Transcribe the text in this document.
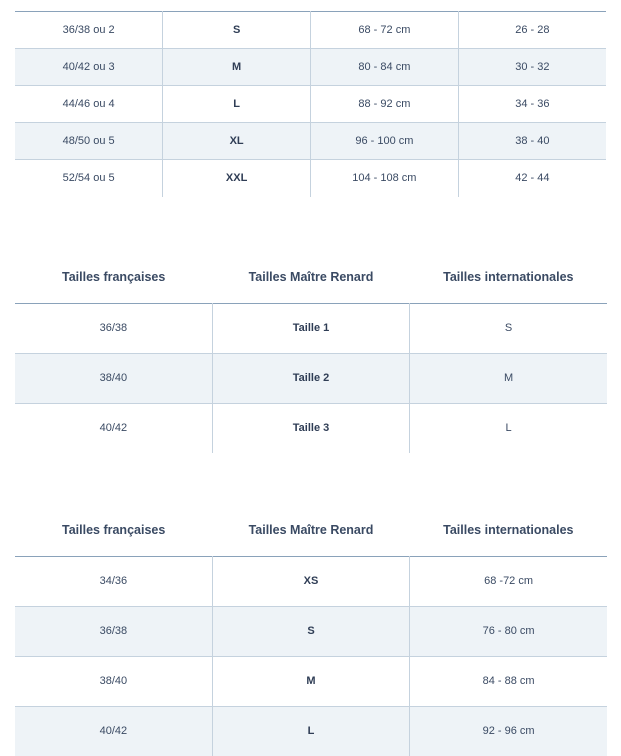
36/38 ou 2	S	68 - 72 cm	26 - 28
40/42 ou 3	M	80 - 84 cm	30 - 32
44/46 ou 4	L	88 - 92 cm	34 - 36
48/50 ou 5	XL	96 - 100 cm	38 - 40
52/54 ou 5	XXL	104 - 108 cm	42 - 44
Tailles françaises	Tailles Maître Renard	Tailles internationales
36/38	Taille 1	S
38/40	Taille 2	M
40/42	Taille 3	L
Tailles françaises	Tailles Maître Renard	Tailles internationales
34/36	XS	68 -72 cm
36/38	S	76 - 80 cm
38/40	M	84 - 88 cm
40/42	L	92 - 96 cm
